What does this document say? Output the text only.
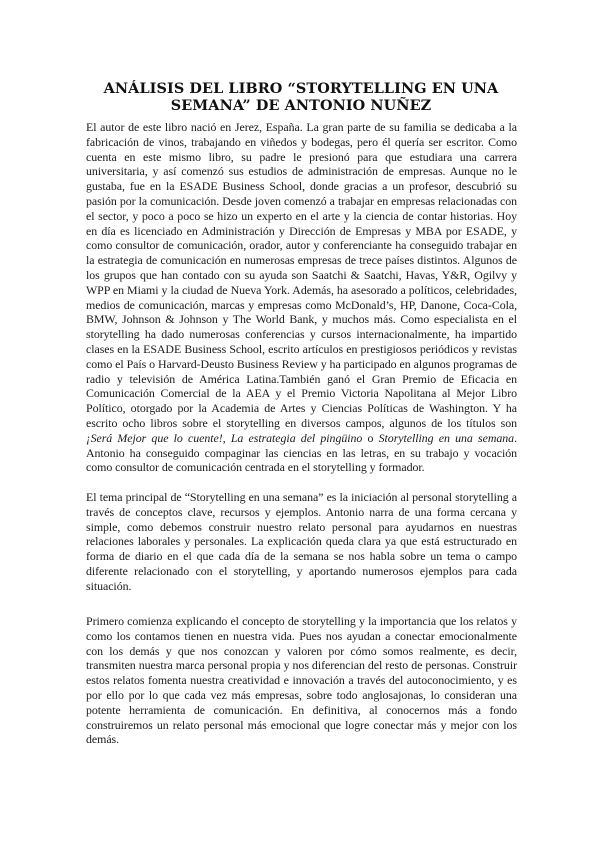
ANÁLISIS DEL LIBRO “STORYTELLING EN UNA SEMANA” DE ANTONIO NUÑEZ

El autor de este libro nació en Jerez, España. La gran parte de su familia se dedicaba a la fabricación de vinos, trabajando en viñedos y bodegas, pero él quería ser escritor. Como cuenta en este mismo libro, su padre le presionó para que estudiara una carrera universitaria, y así comenzó sus estudios de administración de empresas. Aunque no le gustaba, fue en la ESADE Business School, donde gracias a un profesor, descubrió su pasión por la comunicación. Desde joven comenzó a trabajar en empresas relacionadas con el sector, y poco a poco se hizo un experto en el arte y la ciencia de contar historias. Hoy en día es licenciado en Administración y Dirección de Empresas y MBA por ESADE, y como consultor de comunicación, orador, autor y conferenciante ha conseguido trabajar en la estrategia de comunicación en numerosas empresas de trece países distintos. Algunos de los grupos que han contado con su ayuda son Saatchi & Saatchi, Havas, Y&R, Ogilvy y WPP en Miami y la ciudad de Nueva York. Además, ha asesorado a políticos, celebridades, medios de comunicación, marcas y empresas como McDonald’s, HP, Danone, Coca-Cola, BMW, Johnson & Johnson y The World Bank, y muchos más. Como especialista en el storytelling ha dado numerosas conferencias y cursos internacionalmente, ha impartido clases en la ESADE Business School, escrito artículos en prestigiosos periódicos y revistas como el País o Harvard-Deusto Business Review y ha participado en algunos programas de radio y televisión de América Latina.También ganó el Gran Premio de Eficacia en Comunicación Comercial de la AEA y el Premio Victoria Napolitana al Mejor Libro Político, otorgado por la Academia de Artes y Ciencias Políticas de Washington. Y ha escrito ocho libros sobre el storytelling en diversos campos, algunos de los títulos son ¡Será Mejor que lo cuente!, La estrategia del pingüino o Storytelling en una semana. Antonio ha conseguido compaginar las ciencias en las letras, en su trabajo y vocación como consultor de comunicación centrada en el storytelling y formador.

El tema principal de “Storytelling en una semana” es la iniciación al personal storytelling a través de conceptos clave, recursos y ejemplos. Antonio narra de una forma cercana y simple, como debemos construir nuestro relato personal para ayudarnos en nuestras relaciones laborales y personales. La explicación queda clara ya que está estructurado en forma de diario en el que cada día de la semana se nos habla sobre un tema o campo diferente relacionado con el storytelling, y aportando numerosos ejemplos para cada situación.

Primero comienza explicando el concepto de storytelling y la importancia que los relatos y como los contamos tienen en nuestra vida. Pues nos ayudan a conectar emocionalmente con los demás y que nos conozcan y valoren por cómo somos realmente, es decir, transmiten nuestra marca personal propia y nos diferencian del resto de personas. Construir estos relatos fomenta nuestra creatividad e innovación a través del autoconocimiento, y es por ello por lo que cada vez más empresas, sobre todo anglosajonas, lo consideran una potente herramienta de comunicación. En definitiva, al conocernos más a fondo construiremos un relato personal más emocional que logre conectar más y mejor con los demás.
